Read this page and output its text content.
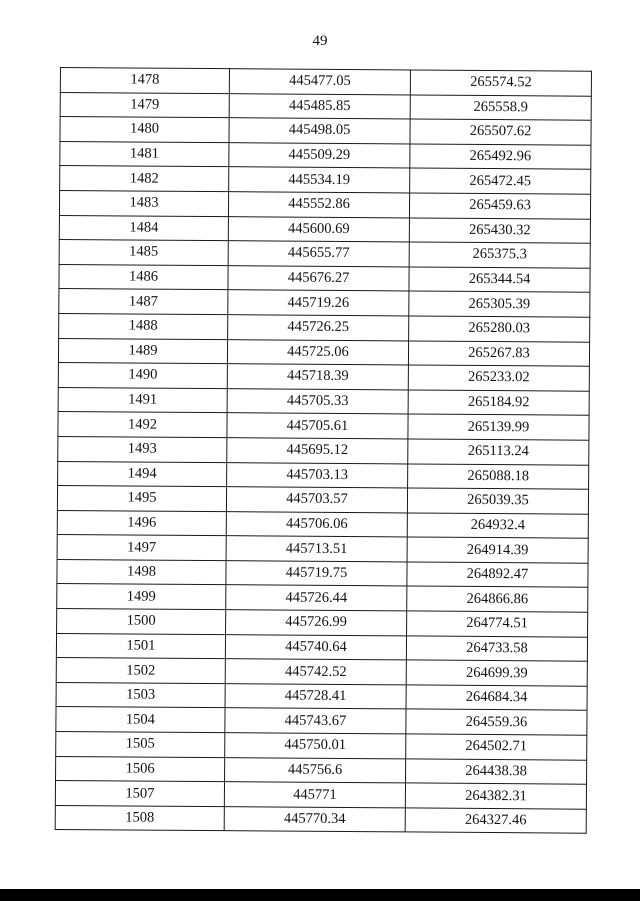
49
1478	445477.05	265574.52
1479	445485.85	265558.9
1480	445498.05	265507.62
1481	445509.29	265492.96
1482	445534.19	265472.45
1483	445552.86	265459.63
1484	445600.69	265430.32
1485	445655.77	265375.3
1486	445676.27	265344.54
1487	445719.26	265305.39
1488	445726.25	265280.03
1489	445725.06	265267.83
1490	445718.39	265233.02
1491	445705.33	265184.92
1492	445705.61	265139.99
1493	445695.12	265113.24
1494	445703.13	265088.18
1495	445703.57	265039.35
1496	445706.06	264932.4
1497	445713.51	264914.39
1498	445719.75	264892.47
1499	445726.44	264866.86
1500	445726.99	264774.51
1501	445740.64	264733.58
1502	445742.52	264699.39
1503	445728.41	264684.34
1504	445743.67	264559.36
1505	445750.01	264502.71
1506	445756.6	264438.38
1507	445771	264382.31
1508	445770.34	264327.46
